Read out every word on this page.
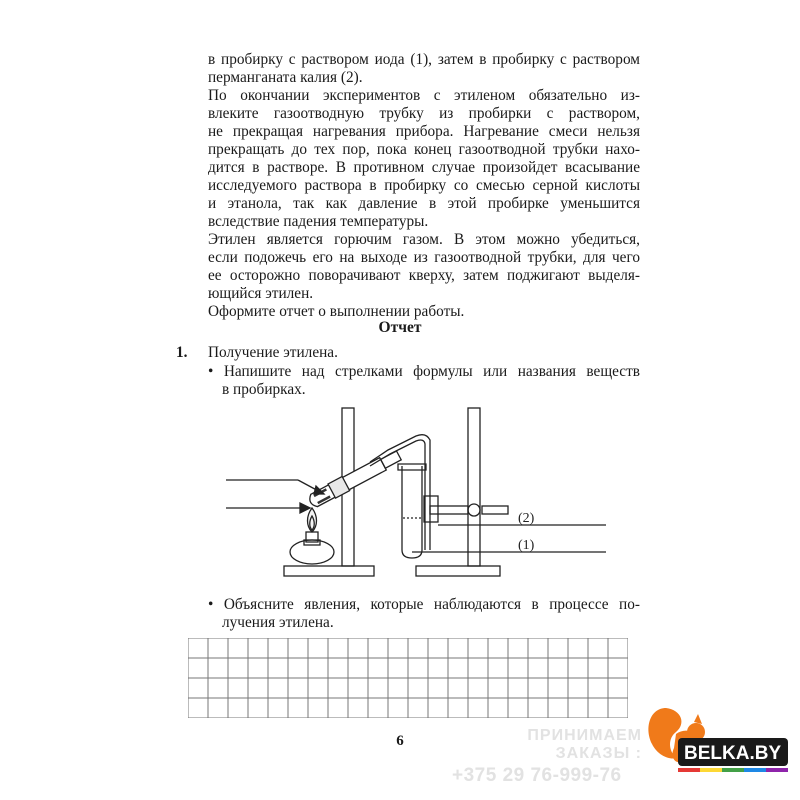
в пробирку с раствором иода (1), затем в пробирку с раствором
перманганата калия (2).

По окончании экспериментов с этиленом обязательно из-
влеките газоотводную трубку из пробирки с раствором,
не прекращая нагревания прибора. Нагревание смеси нельзя
прекращать до тех пор, пока конец газоотводной трубки нахо-
дится в растворе. В противном случае произойдет всасывание
исследуемого раствора в пробирку со смесью серной кислоты
и этанола, так как давление в этой пробирке уменьшится
вследствие падения температуры.

Этилен является горючим газом. В этом можно убедиться,
если подожечь его на выходе из газоотводной трубки, для чего
ее осторожно поворачивают кверху, затем поджигают выделя-
ющийся этилен.

Оформите отчет о выполнении работы.

Отчет
1. Получение этилена.
• Напишите над стрелками формулы или названия веществ
в пробирках.
(2)
(1)
• Объясните явления, которые наблюдаются в процессе по-
лучения этилена.
6	ПРИНИМАЕМ ЗАКАЗЫ :
+375 29 76-999-76
BELKA.BY
